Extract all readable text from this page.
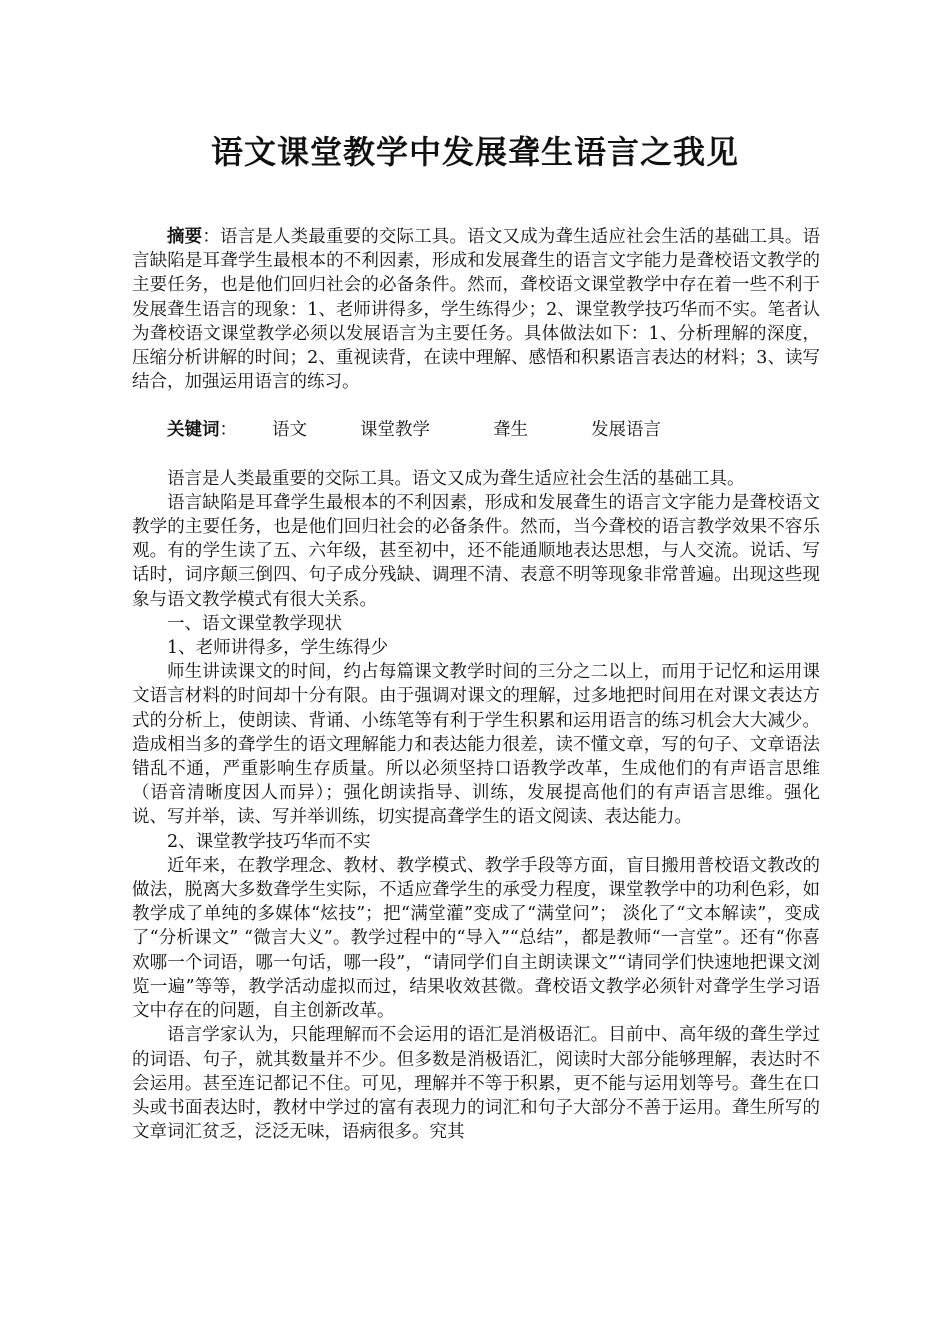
语文课堂教学中发展聋生语言之我见

摘要：语言是人类最重要的交际工具。语文又成为聋生适应社会生活的基础工具。语言缺陷是耳聋学生最根本的不利因素，形成和发展聋生的语言文字能力是聋校语文教学的主要任务，也是他们回归社会的必备条件。然而，聋校语文课堂教学中存在着一些不利于发展聋生语言的现象：1、老师讲得多，学生练得少；2、课堂教学技巧华而不实。笔者认为聋校语文课堂教学必须以发展语言为主要任务。具体做法如下：1、分析理解的深度，压缩分析讲解的时间；2、重视读背，在读中理解、感悟和积累语言表达的材料；3、读写结合，加强运用语言的练习。

关键词： 语文	课堂教学	聋生	发展语言

语言是人类最重要的交际工具。语文又成为聋生适应社会生活的基础工具。

语言缺陷是耳聋学生最根本的不利因素，形成和发展聋生的语言文字能力是聋校语文教学的主要任务，也是他们回归社会的必备条件。然而，当今聋校的语言教学效果不容乐观。有的学生读了五、六年级，甚至初中，还不能通顺地表达思想，与人交流。说话、写话时，词序颠三倒四、句子成分残缺、调理不清、表意不明等现象非常普遍。出现这些现象与语文教学模式有很大关系。

一、语文课堂教学现状

1、老师讲得多，学生练得少

师生讲读课文的时间，约占每篇课文教学时间的三分之二以上，而用于记忆和运用课文语言材料的时间却十分有限。由于强调对课文的理解，过多地把时间用在对课文表达方式的分析上，使朗读、背诵、小练笔等有利于学生积累和运用语言的练习机会大大减少。造成相当多的聋学生的语文理解能力和表达能力很差，读不懂文章，写的句子、文章语法错乱不通，严重影响生存质量。所以必须坚持口语教学改革，生成他们的有声语言思维（语音清晰度因人而异）；强化朗读指导、训练，发展提高他们的有声语言思维。强化说、写并举，读、写并举训练，切实提高聋学生的语文阅读、表达能力。

2、课堂教学技巧华而不实

近年来，在教学理念、教材、教学模式、教学手段等方面，盲目搬用普校语文教改的做法，脱离大多数聋学生实际，不适应聋学生的承受力程度，课堂教学中的功利色彩，如教学成了单纯的多媒体“炫技”；把“满堂灌”变成了“满堂问”； 淡化了“文本解读”，变成了“分析课文” “微言大义”。教学过程中的“导入”“总结”，都是教师“一言堂”。还有“你喜欢哪一个词语，哪一句话，哪一段”，“请同学们自主朗读课文”“请同学们快速地把课文浏览一遍”等等，教学活动虚拟而过，结果收效甚微。聋校语文教学必须针对聋学生学习语文中存在的问题，自主创新改革。

语言学家认为，只能理解而不会运用的语汇是消极语汇。目前中、高年级的聋生学过的词语、句子，就其数量并不少。但多数是消极语汇，阅读时大部分能够理解，表达时不会运用。甚至连记都记不住。可见，理解并不等于积累，更不能与运用划等号。聋生在口头或书面表达时，教材中学过的富有表现力的词汇和句子大部分不善于运用。聋生所写的文章词汇贫乏，泛泛无味，语病很多。究其
